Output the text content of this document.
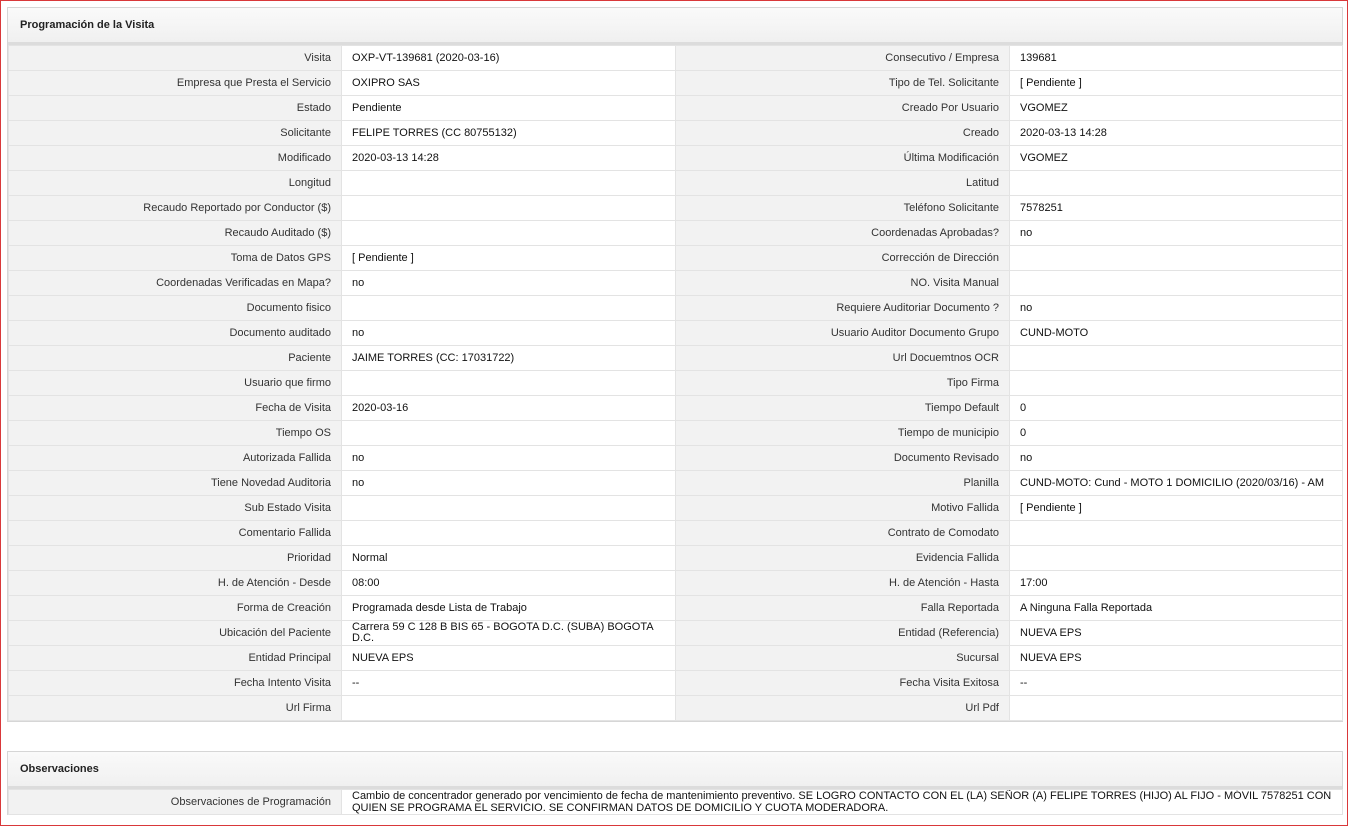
Programación de la Visita
Visita	OXP-VT-139681 (2020-03-16)	Consecutivo / Empresa	139681
Empresa que Presta el Servicio	OXIPRO SAS	Tipo de Tel. Solicitante	[ Pendiente ]
Estado	Pendiente	Creado Por Usuario	VGOMEZ
Solicitante	FELIPE TORRES (CC 80755132)	Creado	2020-03-13 14:28
Modificado	2020-03-13 14:28	Última Modificación	VGOMEZ
Longitud		Latitud	
Recaudo Reportado por Conductor ($)		Teléfono Solicitante	7578251
Recaudo Auditado ($)		Coordenadas Aprobadas?	no
Toma de Datos GPS	[ Pendiente ]	Corrección de Dirección	
Coordenadas Verificadas en Mapa?	no	NO. Visita Manual	
Documento fisico		Requiere Auditoriar Documento ?	no
Documento auditado	no	Usuario Auditor Documento Grupo	CUND-MOTO
Paciente	JAIME TORRES (CC: 17031722)	Url Docuemtnos OCR	
Usuario que firmo		Tipo Firma	
Fecha de Visita	2020-03-16	Tiempo Default	0
Tiempo OS		Tiempo de municipio	0
Autorizada Fallida	no	Documento Revisado	no
Tiene Novedad Auditoria	no	Planilla	CUND-MOTO: Cund - MOTO 1 DOMICILIO (2020/03/16) - AM
Sub Estado Visita		Motivo Fallida	[ Pendiente ]
Comentario Fallida		Contrato de Comodato	
Prioridad	Normal	Evidencia Fallida	
H. de Atención - Desde	08:00	H. de Atención - Hasta	17:00
Forma de Creación	Programada desde Lista de Trabajo	Falla Reportada	A Ninguna Falla Reportada
Ubicación del Paciente	Carrera 59 C 128 B BIS 65 - BOGOTA D.C. (SUBA) BOGOTA D.C.	Entidad (Referencia)	NUEVA EPS
Entidad Principal	NUEVA EPS	Sucursal	NUEVA EPS
Fecha Intento Visita	--	Fecha Visita Exitosa	--
Url Firma		Url Pdf	
Observaciones
Observaciones de Programación	Cambio de concentrador generado por vencimiento de fecha de mantenimiento preventivo. SE LOGRO CONTACTO CON EL (LA) SEÑOR (A) FELIPE TORRES (HIJO) AL FIJO - MÓVIL 7578251 CON QUIEN SE PROGRAMA EL SERVICIO. SE CONFIRMAN DATOS DE DOMICILIO Y CUOTA MODERADORA.
